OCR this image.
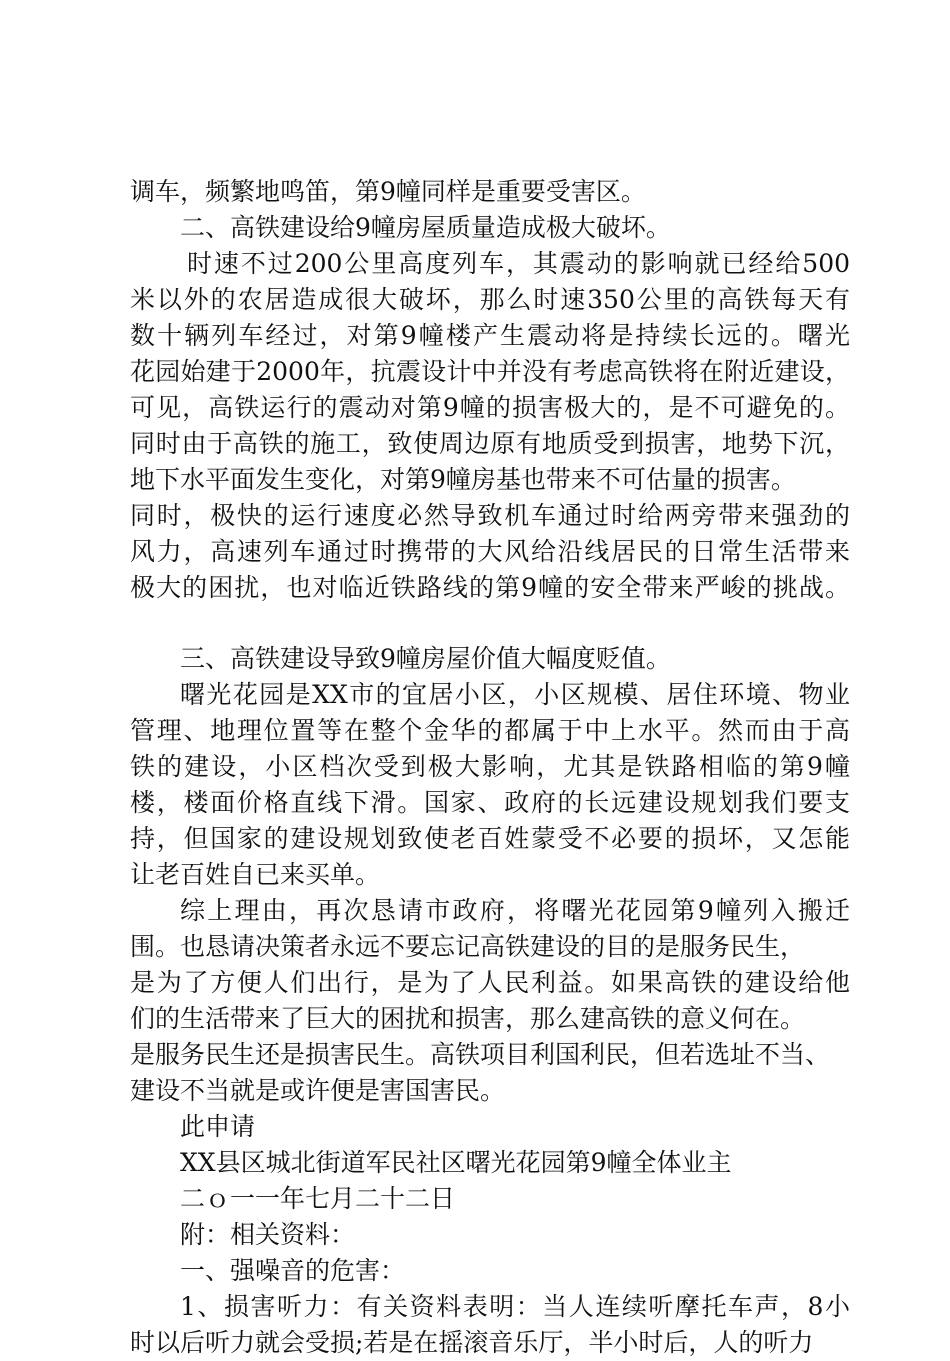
调车，频繁地鸣笛，第9幢同样是重要受害区。
二、高铁建设给9幢房屋质量造成极大破坏。
时速不过200公里高度列车，其震动的影响就已经给500
米以外的农居造成很大破坏，那么时速350公里的高铁每天有
数十辆列车经过，对第9幢楼产生震动将是持续长远的。曙光
花园始建于2000年，抗震设计中并没有考虑高铁将在附近建设，
可见，高铁运行的震动对第9幢的损害极大的，是不可避免的。
同时由于高铁的施工，致使周边原有地质受到损害，地势下沉，
地下水平面发生变化，对第9幢房基也带来不可估量的损害。
同时，极快的运行速度必然导致机车通过时给两旁带来强劲的
风力，高速列车通过时携带的大风给沿线居民的日常生活带来
极大的困扰，也对临近铁路线的第9幢的安全带来严峻的挑战。
三、高铁建设导致9幢房屋价值大幅度贬值。
曙光花园是XX市的宜居小区，小区规模、居住环境、物业
管理、地理位置等在整个金华的都属于中上水平。然而由于高
铁的建设，小区档次受到极大影响，尤其是铁路相临的第9幢
楼，楼面价格直线下滑。国家、政府的长远建设规划我们要支
持，但国家的建设规划致使老百姓蒙受不必要的损坏，又怎能
让老百姓自已来买单。
综上理由，再次恳请市政府，将曙光花园第9幢列入搬迁
围。也恳请决策者永远不要忘记高铁建设的目的是服务民生，
是为了方便人们出行，是为了人民利益。如果高铁的建设给他
们的生活带来了巨大的困扰和损害，那么建高铁的意义何在。
是服务民生还是损害民生。高铁项目利国利民，但若选址不当、
建设不当就是或许便是害国害民。
此申请
XX县区城北街道军民社区曙光花园第9幢全体业主
二ｏ一一年七月二十二日
附：相关资料：
一、强噪音的危害：
1、损害听力：有关资料表明：当人连续听摩托车声，8小
时以后听力就会受损;若是在摇滚音乐厅，半小时后，人的听力
